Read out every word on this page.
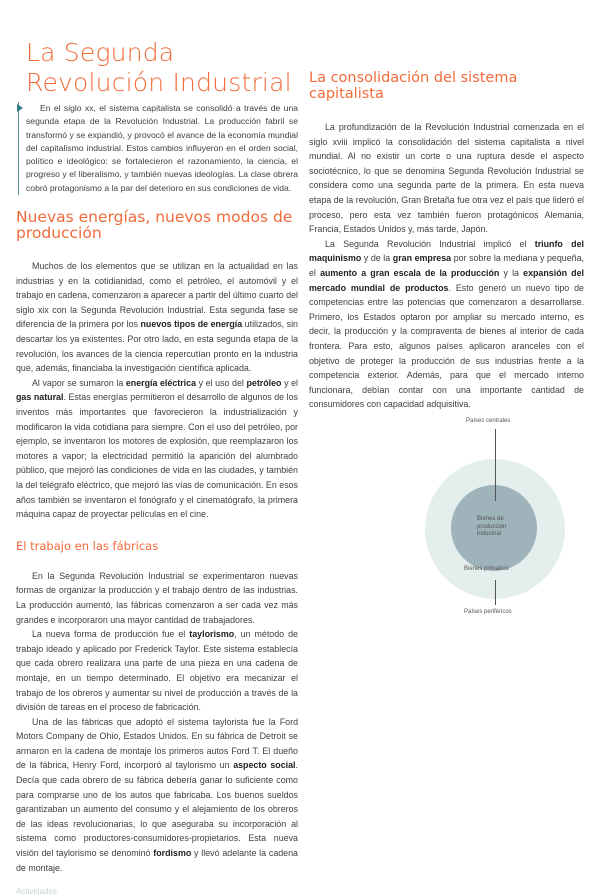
La Segunda Revolución Industrial
En el siglo xx, el sistema capitalista se consolidó a través de una segunda etapa de la Revolución Industrial. La producción fabril se transformó y se expandió, y provocó el avance de la economía mundial del capitalismo industrial. Estos cambios influyeron en el orden social, político e ideológico: se fortalecieron el razonamiento, la ciencia, el progreso y el liberalismo, y también nuevas ideologías. La clase obrera cobró protagonismo a la par del deterioro en sus condiciones de vida.
Nuevas energías, nuevos modos de producción

Muchos de los elementos que se utilizan en la actualidad en las industrias y en la cotidianidad, como el petróleo, el automóvil y el trabajo en cadena, comenzaron a aparecer a partir del último cuarto del siglo xix con la Segunda Revolución Industrial. Esta segunda fase se diferencia de la primera por los nuevos tipos de energía utilizados, sin descartar los ya existentes. Por otro lado, en esta segunda etapa de la revolución, los avances de la ciencia repercutían pronto en la industria que, además, financiaba la investigación científica aplicada.

Al vapor se sumaron la energía eléctrica y el uso del petróleo y el gas natural. Estas energías permitieron el desarrollo de algunos de los inventos más importantes que favorecieron la industrialización y modificaron la vida cotidiana para siempre. Con el uso del petróleo, por ejemplo, se inventaron los motores de explosión, que reemplazaron los motores a vapor; la electricidad permitió la aparición del alumbrado público, que mejoró las condiciones de vida en las ciudades, y también la del telégrafo eléctrico, que mejoró las vías de comunicación. En esos años también se inventaron el fonógrafo y el cinematógrafo, la primera máquina capaz de proyectar películas en el cine.

El trabajo en las fábricas

En la Segunda Revolución Industrial se experimentaron nuevas formas de organizar la producción y el trabajo dentro de las industrias. La producción aumentó, las fábricas comenzaron a ser cada vez más grandes e incorporaron una mayor cantidad de trabajadores.

La nueva forma de producción fue el taylorismo, un método de trabajo ideado y aplicado por Frederick Taylor. Este sistema establecía que cada obrero realizara una parte de una pieza en una cadena de montaje, en un tiempo determinado. El objetivo era mecanizar el trabajo de los obreros y aumentar su nivel de producción a través de la división de tareas en el proceso de fabricación.

Una de las fábricas que adoptó el sistema taylorista fue la Ford Motors Company de Ohio, Estados Unidos. En su fábrica de Detroit se armaron en la cadena de montaje los primeros autos Ford T. El dueño de la fábrica, Henry Ford, incorporó al taylorismo un aspecto social. Decía que cada obrero de su fábrica debería ganar lo suficiente como para comprarse uno de los autos que fabricaba. Los buenos sueldos garantizaban un aumento del consumo y el alejamiento de los obreros de las ideas revolucionarias, lo que aseguraba su incorporación al sistema como productores-consumidores-propietarios. Esta nueva visión del taylorismo se denominó fordismo y llevó adelante la cadena de montaje.

Actividades
La consolidación del sistema capitalista

La profundización de la Revolución Industrial comenzada en el siglo xviii implicó la consolidación del sistema capitalista a nivel mundial. Al no existir un corte o una ruptura desde el aspecto sociotécnico, lo que se denomina Segunda Revolución Industrial se considera como una segunda parte de la primera. En esta nueva etapa de la revolución, Gran Bretaña fue otra vez el país que lideró el proceso, pero esta vez también fueron protagónicos Alemania, Francia, Estados Unidos y, más tarde, Japón.

La Segunda Revolución Industrial implicó el triunfo del maquinismo y de la gran empresa por sobre la mediana y pequeña, el aumento a gran escala de la producción y la expansión del mercado mundial de productos. Esto generó un nuevo tipo de competencias entre las potencias que comenzaron a desarrollarse. Primero, los Estados optaron por ampliar su mercado interno, es decir, la producción y la compraventa de bienes al interior de cada frontera. Para esto, algunos países aplicaron aranceles con el objetivo de proteger la producción de sus industrias frente a la competencia exterior. Además, para que el mercado interno funcionara, debían contar con una importante cantidad de consumidores con capacidad adquisitiva.

Países centrales
Bienes de producción industrial
Bienes primarios
Países periféricos
